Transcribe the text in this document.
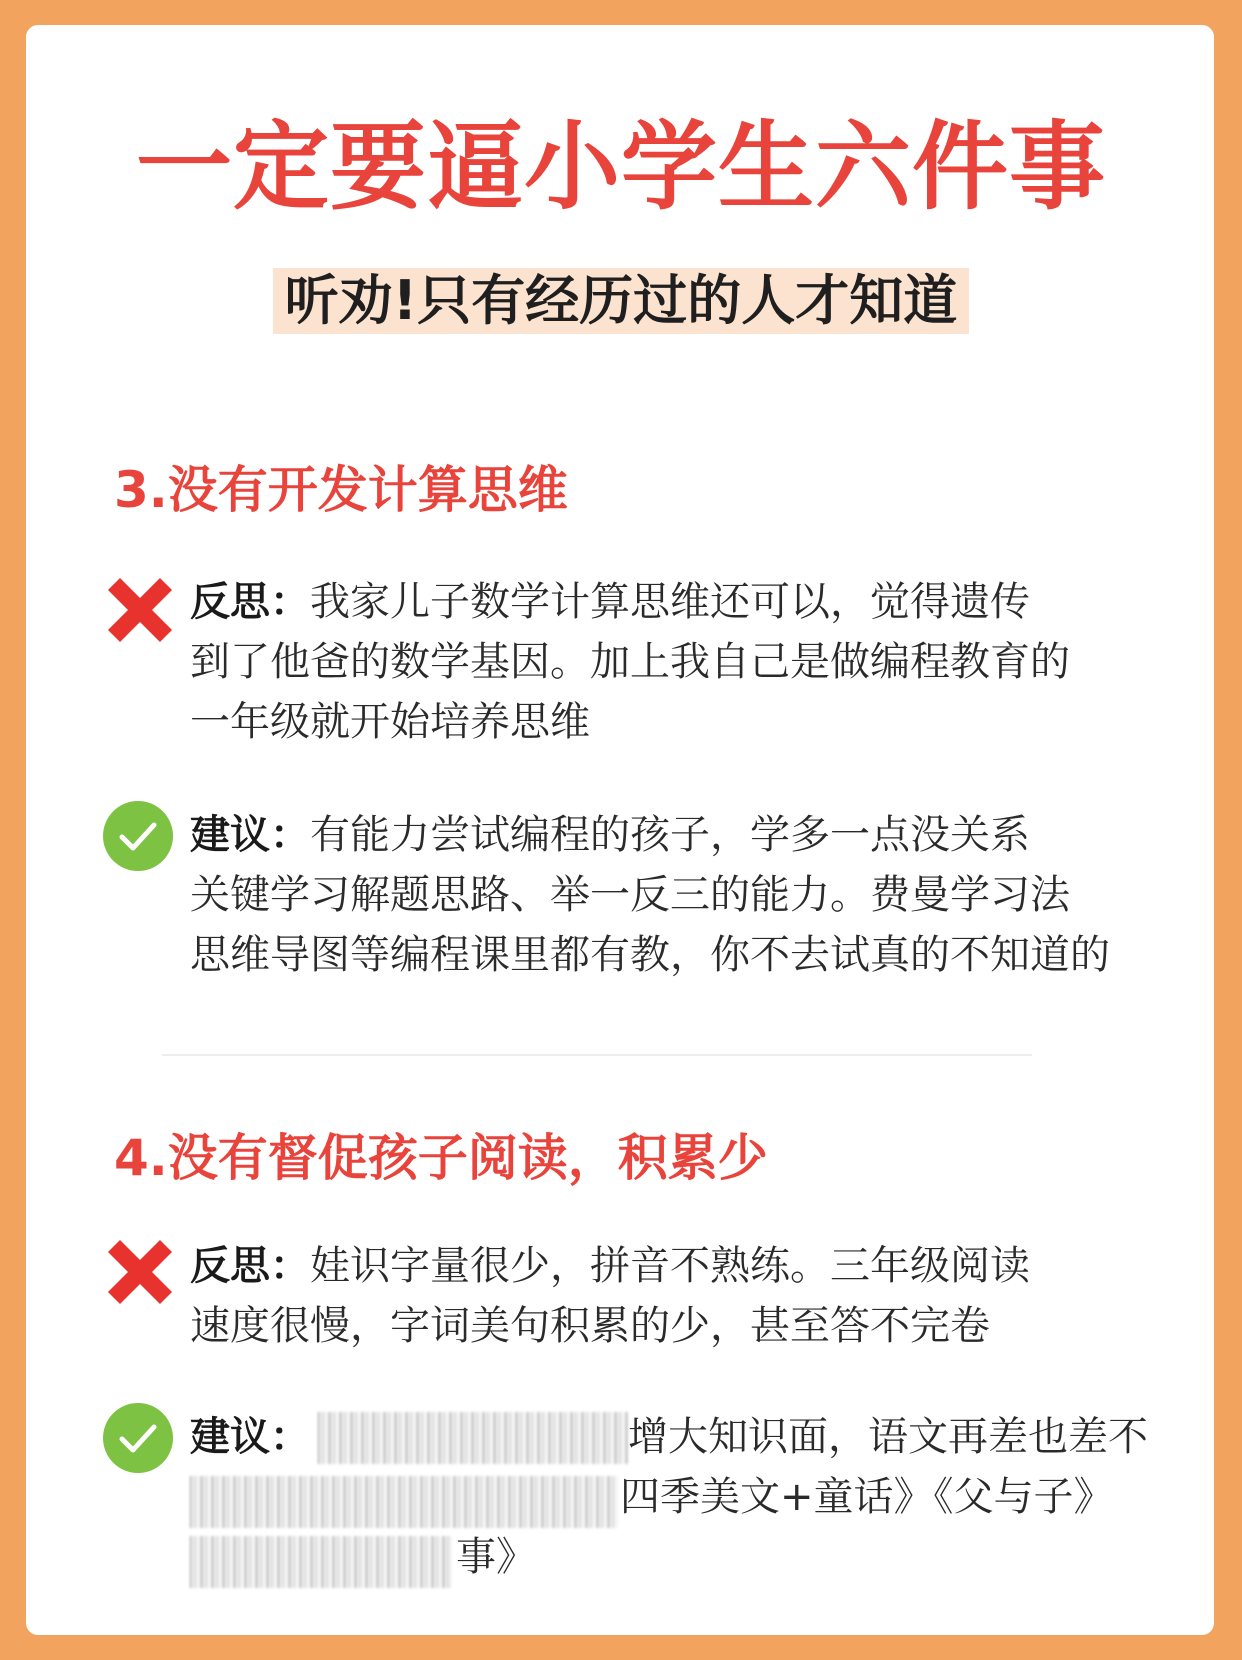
一定要逼小学生六件事
听劝!只有经历过的人才知道
3.没有开发计算思维
反思：我家儿子数学计算思维还可以，觉得遗传
到了他爸的数学基因。加上我自己是做编程教育的
一年级就开始培养思维
建议：有能力尝试编程的孩子，学多一点没关系
关键学习解题思路、举一反三的能力。费曼学习法
思维导图等编程课里都有教，你不去试真的不知道的
4.没有督促孩子阅读，积累少
反思：娃识字量很少，拼音不熟练。三年级阅读
速度很慢，字词美句积累的少，甚至答不完卷
建议：	增大知识面，语文再差也差不
四季美文+童话》《父与子》
事》
